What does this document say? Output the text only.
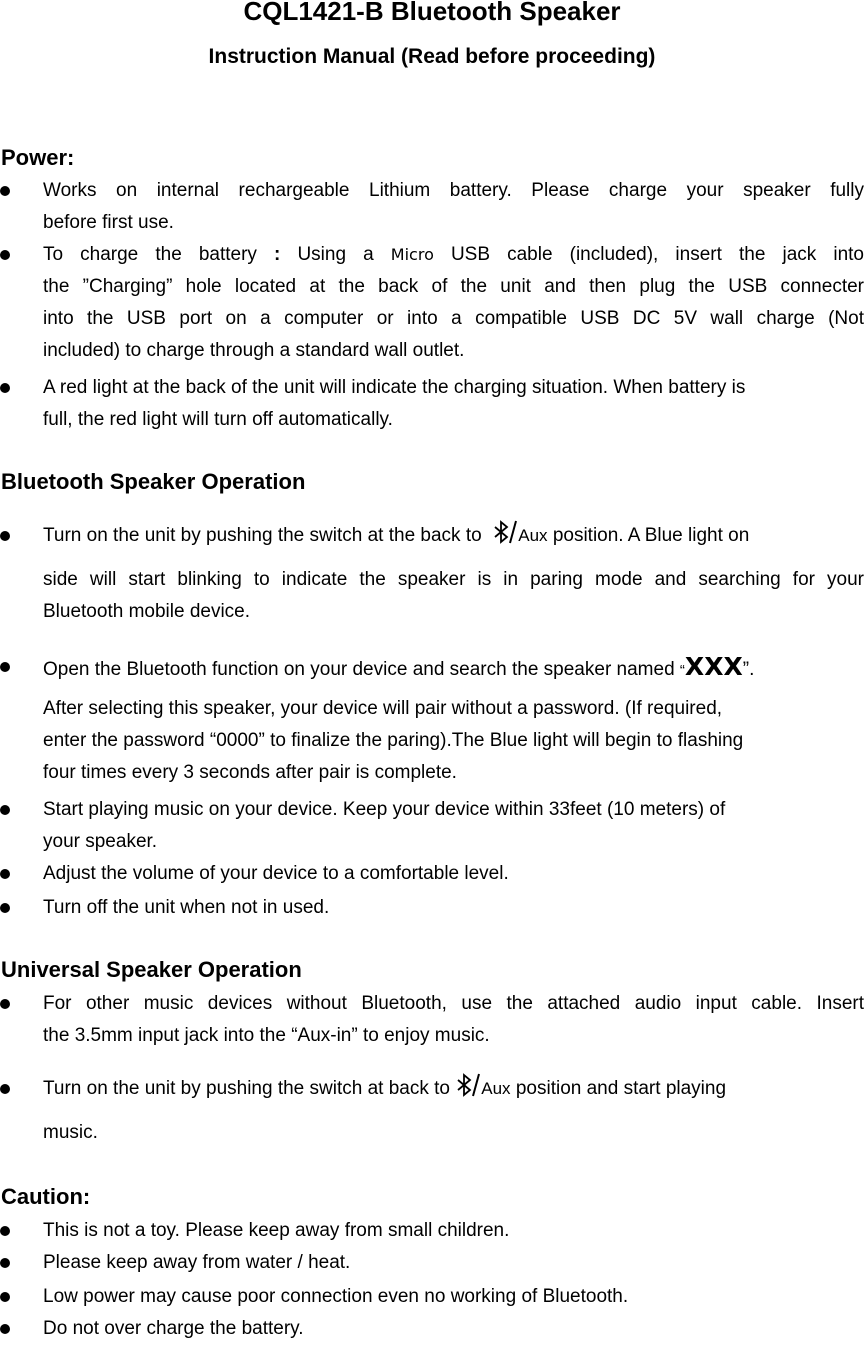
CQL1421-B Bluetooth Speaker
Instruction Manual (Read before proceeding)
Power:
Works on internal rechargeable Lithium battery. Please charge your speaker fully
before first use.
To charge the battery : Using a Micro USB cable (included), insert the jack into
the ”Charging” hole located at the back of the unit and then plug the USB connecter
into the USB port on a computer or into a compatible USB DC 5V wall charge (Not
included) to charge through a standard wall outlet.
A red light at the back of the unit will indicate the charging situation. When battery is
full, the red light will turn off automatically.
Bluetooth Speaker Operation
Turn on the unit by pushing the switch at the back to Aux position. A Blue light on
side will start blinking to indicate the speaker is in paring mode and searching for your
Bluetooth mobile device.
Open the Bluetooth function on your device and search the speaker named “XXX”.
After selecting this speaker, your device will pair without a password. (If required,
enter the password “0000” to finalize the paring).The Blue light will begin to flashing
four times every 3 seconds after pair is complete.
Start playing music on your device. Keep your device within 33feet (10 meters) of
your speaker.
Adjust the volume of your device to a comfortable level.
Turn off the unit when not in used.
Universal Speaker Operation
For other music devices without Bluetooth, use the attached audio input cable. Insert
the 3.5mm input jack into the “Aux-in” to enjoy music.
Turn on the unit by pushing the switch at back to Aux position and start playing
music.
Caution:
This is not a toy. Please keep away from small children.
Please keep away from water / heat.
Low power may cause poor connection even no working of Bluetooth.
Do not over charge the battery.
